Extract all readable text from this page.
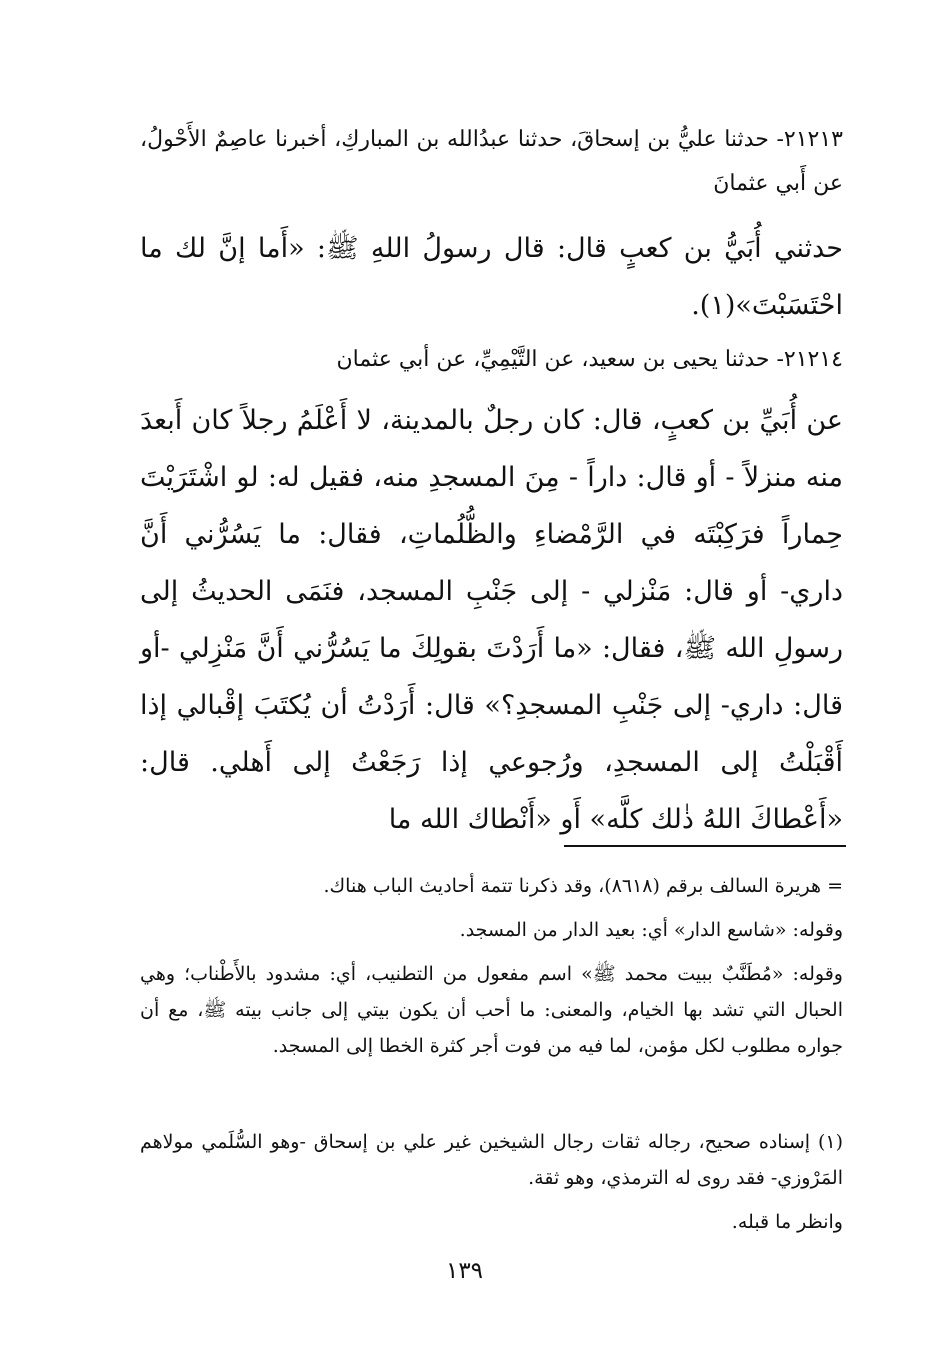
٢١٢١٣- حدثنا عليُّ بن إسحاقَ، حدثنا عبدُالله بن المباركِ، أخبرنا عاصِمٌ الأَحْولُ، عن أَبي عثمانَ
حدثني أُبَيُّ بن كعبٍ قال: قال رسولُ اللهِ ﷺ: «أَما إنَّ لك ما احْتَسَبْتَ»(١).
٢١٢١٤- حدثنا يحيى بن سعيد، عن التَّيْمِيِّ، عن أبي عثمان
عن أُبَيِّ بن كعبٍ، قال: كان رجلٌ بالمدينة، لا أَعْلَمُ رجلاً كان أَبعدَ منه منزلاً - أو قال: داراً - مِنَ المسجدِ منه، فقيل له: لو اشْتَرَيْتَ حِماراً فرَكِبْتَه في الرَّمْضاءِ والظُّلُماتِ، فقال: ما يَسُرُّني أَنَّ داري- أو قال: مَنْزلي - إلى جَنْبِ المسجد، فنَمَى الحديثُ إلى رسولِ الله ﷺ، فقال: «ما أَرَدْتَ بقولِكَ ما يَسُرُّني أَنَّ مَنْزِلي -أو قال: داري- إلى جَنْبِ المسجدِ؟» قال: أَرَدْتُ أن يُكتَبَ إقْبالي إذا أَقْبَلْتُ إلى المسجدِ، ورُجوعي إذا رَجَعْتُ إلى أَهلي. قال: «أَعْطاكَ اللهُ ذٰلك كلَّه» أَو «أَنْطاك الله ما
= هريرة السالف برقم (٨٦١٨)، وقد ذكرنا تتمة أحاديث الباب هناك.
وقوله: «شاسع الدار» أي: بعيد الدار من المسجد.
وقوله: «مُطَنَّبٌ ببيت محمد ﷺ» اسم مفعول من التطنيب، أي: مشدود بالأَطْناب؛ وهي الحبال التي تشد بها الخيام، والمعنى: ما أحب أن يكون بيتي إلى جانب بيته ﷺ، مع أن جواره مطلوب لكل مؤمن، لما فيه من فوت أجر كثرة الخطا إلى المسجد.
(١) إسناده صحيح، رجاله ثقات رجال الشيخين غير علي بن إسحاق -وهو السُّلَمي مولاهم المَرْوزي- فقد روى له الترمذي، وهو ثقة.
وانظر ما قبله.
١٣٩
